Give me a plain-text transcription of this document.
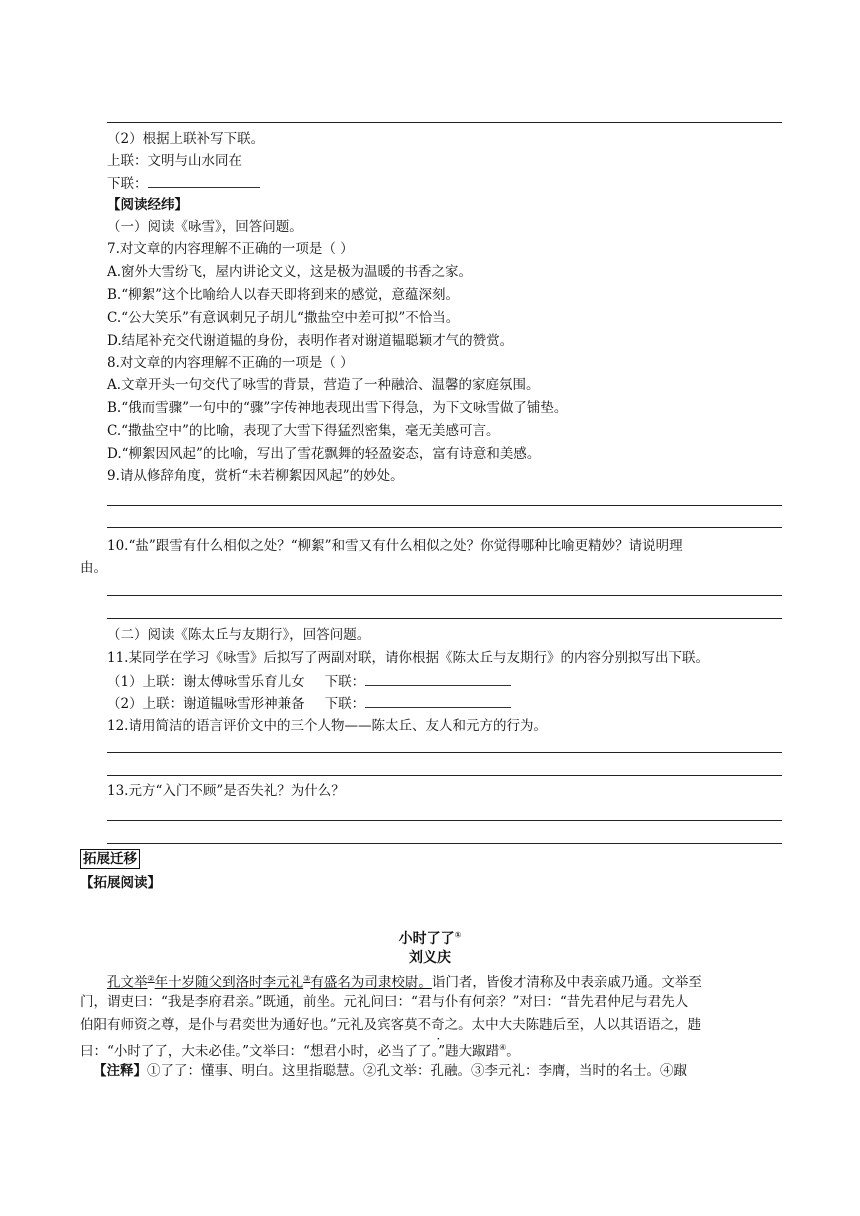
（2）根据上联补写下联。
上联：文明与山水同在
下联：
【阅读经纬】
（一）阅读《咏雪》，回答问题。
7.对文章的内容理解不正确的一项是（ ）
A.窗外大雪纷飞，屋内讲论文义，这是极为温暖的书香之家。
B.“柳絮”这个比喻给人以春天即将到来的感觉，意蕴深刻。
C.“公大笑乐”有意讽刺兄子胡儿“撒盐空中差可拟”不恰当。
D.结尾补充交代谢道韫的身份，表明作者对谢道韫聪颖才气的赞赏。
8.对文章的内容理解不正确的一项是（ ）
A.文章开头一句交代了咏雪的背景，营造了一种融洽、温馨的家庭氛围。
B.“俄而雪骤”一句中的“骤”字传神地表现出雪下得急，为下文咏雪做了铺垫。
C.“撒盐空中”的比喻，表现了大雪下得猛烈密集，毫无美感可言。
D.“柳絮因风起”的比喻，写出了雪花飘舞的轻盈姿态，富有诗意和美感。
9.请从修辞角度，赏析“未若柳絮因风起”的妙处。
10.“盐”跟雪有什么相似之处？“柳絮”和雪又有什么相似之处？你觉得哪种比喻更精妙？请说明理
由。
（二）阅读《陈太丘与友期行》，回答问题。
11.某同学在学习《咏雪》后拟写了两副对联，请你根据《陈太丘与友期行》的内容分别拟写出下联。
（1）上联：谢太傅咏雪乐育儿女 下联：
（2）上联：谢道韫咏雪形神兼备 下联：
12.请用简洁的语言评价文中的三个人物——陈太丘、友人和元方的行为。
13.元方“入门不顾”是否失礼？为什么？
拓展迁移
【拓展阅读】
小时了了①
刘义庆
孔文举②年十岁随父到洛时李元礼③有盛名为司隶校尉。诣门者，皆俊才清称及中表亲戚乃通。文举至
门，谓吏曰：“我是李府君亲。”既通，前坐。元礼问曰：“君与仆有何亲？”对曰：“昔先君仲尼与君先人
伯阳有师资之尊，是仆与君奕世为通好也。”元礼及宾客莫不奇之。太中大夫陈韪后至，人以其语语之，韪
曰：“小时了了，大未必佳。”文举曰：“想君小时，必当了了。”韪大踧踖④。
【注释】①了了：懂事、明白。这里指聪慧。②孔文举：孔融。③李元礼：李膺，当时的名士。④踧
